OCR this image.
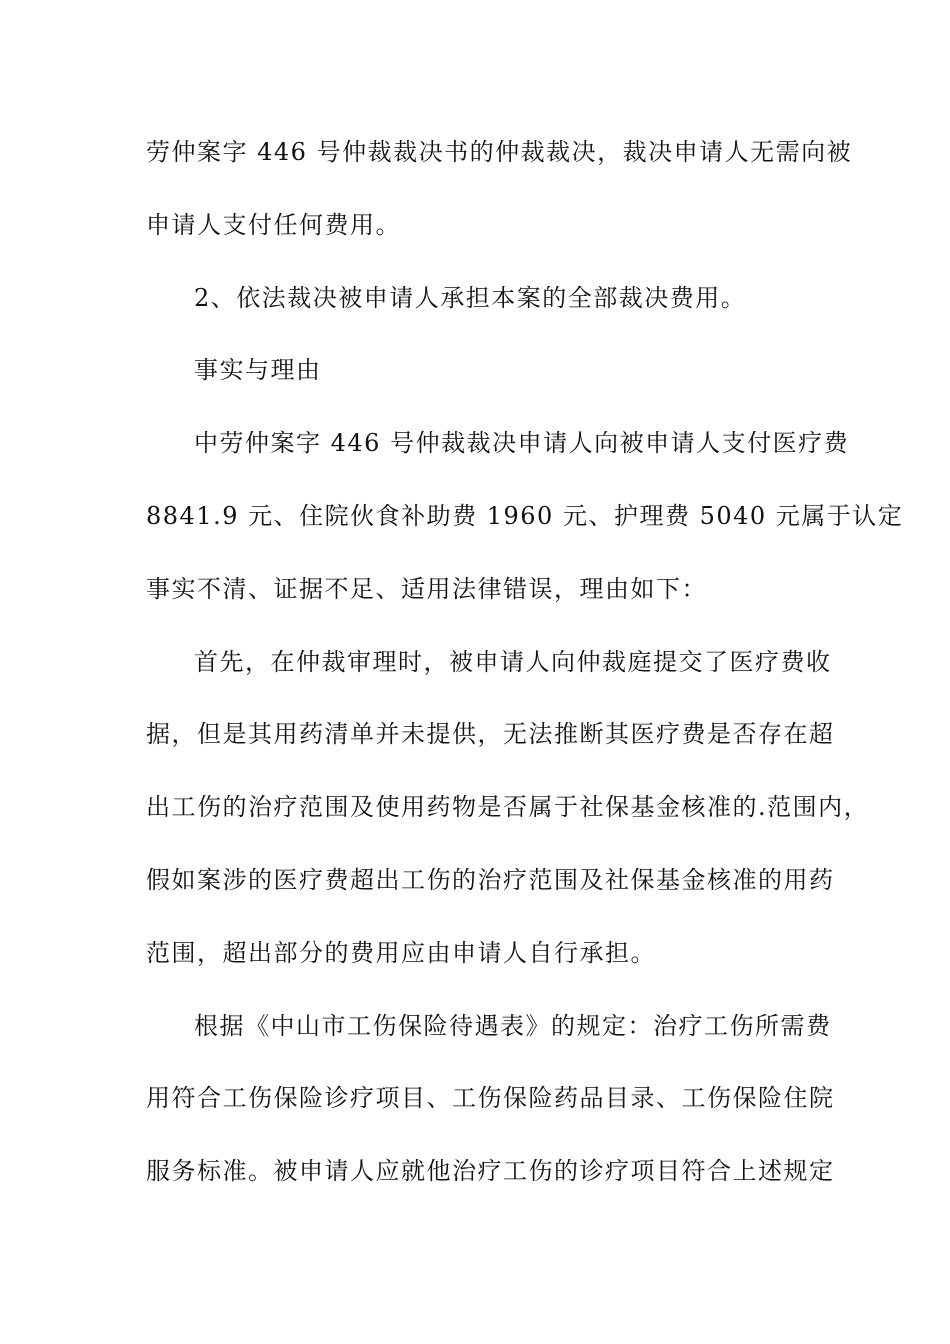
劳仲案字 446 号仲裁裁决书的仲裁裁决，裁决申请人无需向被
申请人支付任何费用。
2、依法裁决被申请人承担本案的全部裁决费用。
事实与理由
中劳仲案字 446 号仲裁裁决申请人向被申请人支付医疗费
8841.9 元、住院伙食补助费 1960 元、护理费 5040 元属于认定
事实不清、证据不足、适用法律错误，理由如下：
首先，在仲裁审理时，被申请人向仲裁庭提交了医疗费收
据，但是其用药清单并未提供，无法推断其医疗费是否存在超
出工伤的治疗范围及使用药物是否属于社保基金核准的.范围内，
假如案涉的医疗费超出工伤的治疗范围及社保基金核准的用药
范围，超出部分的费用应由申请人自行承担。
根据《中山市工伤保险待遇表》的规定：治疗工伤所需费
用符合工伤保险诊疗项目、工伤保险药品目录、工伤保险住院
服务标准。被申请人应就他治疗工伤的诊疗项目符合上述规定
